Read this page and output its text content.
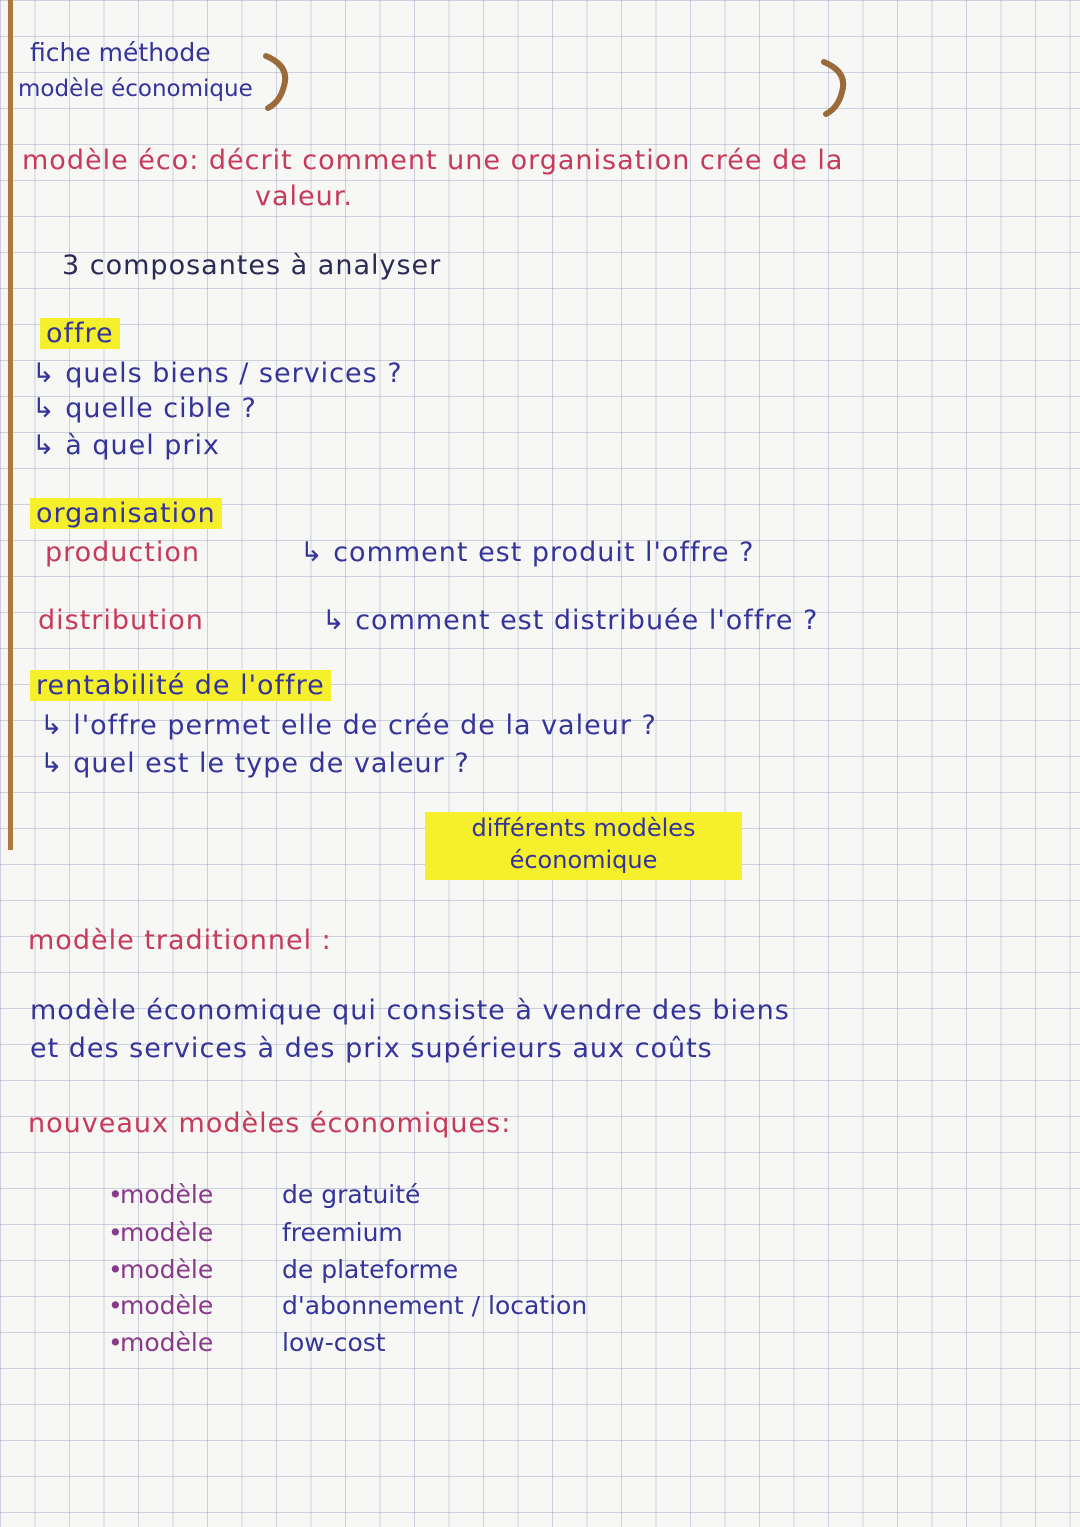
fiche méthode
modèle économique
modèle éco: décrit comment une organisation crée de la
valeur.
3 composantes à analyser
offre
↳ quels biens / services ?
↳ quelle cible ?
↳ à quel prix
organisation
production	↳ comment est produit l'offre ?
distribution	↳ comment est distribuée l'offre ?
rentabilité de l'offre
↳ l'offre permet elle de crée de la valeur ?
↳ quel est le type de valeur ?
différents modèles
économique
modèle traditionnel :
modèle économique qui consiste à vendre des biens
et des services à des prix supérieurs aux coûts
nouveaux modèles économiques:
•
modèle	de gratuité
•
modèle	freemium
•
modèle	de plateforme
•
modèle	d'abonnement / location
•
modèle	low-cost
